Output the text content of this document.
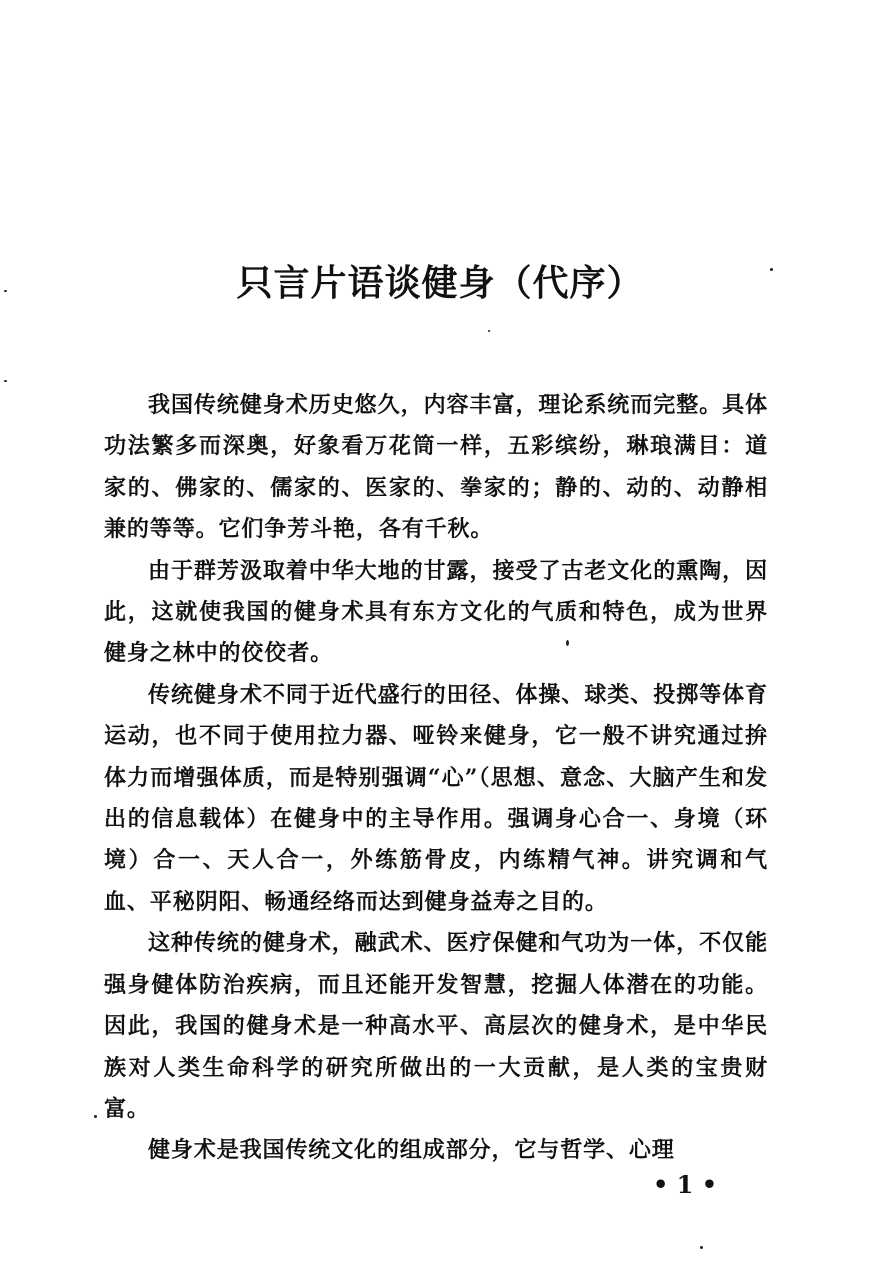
只言片语谈健身（代序）

我国传统健身术历史悠久，内容丰富，理论系统而完整。具体功法繁多而深奥，好象看万花筒一样，五彩缤纷，琳琅满目：道家的、佛家的、儒家的、医家的、拳家的；静的、动的、动静相兼的等等。它们争芳斗艳，各有千秋。

由于群芳汲取着中华大地的甘露，接受了古老文化的熏陶，因此，这就使我国的健身术具有东方文化的气质和特色，成为世界健身之林中的佼佼者。

传统健身术不同于近代盛行的田径、体操、球类、投掷等体育运动，也不同于使用拉力器、哑铃来健身，它一般不讲究通过拚体力而增强体质，而是特别强调“心”（思想、意念、大脑产生和发出的信息载体）在健身中的主导作用。强调身心合一、身境（环境）合一、天人合一，外练筋骨皮，内练精气神。讲究调和气血、平秘阴阳、畅通经络而达到健身益寿之目的。

这种传统的健身术，融武术、医疗保健和气功为一体，不仅能强身健体防治疾病，而且还能开发智慧，挖掘人体潜在的功能。因此，我国的健身术是一种高水平、高层次的健身术，是中华民族对人类生命科学的研究所做出的一大贡献，是人类的宝贵财富。

健身术是我国传统文化的组成部分，它与哲学、心理

• 1 •
